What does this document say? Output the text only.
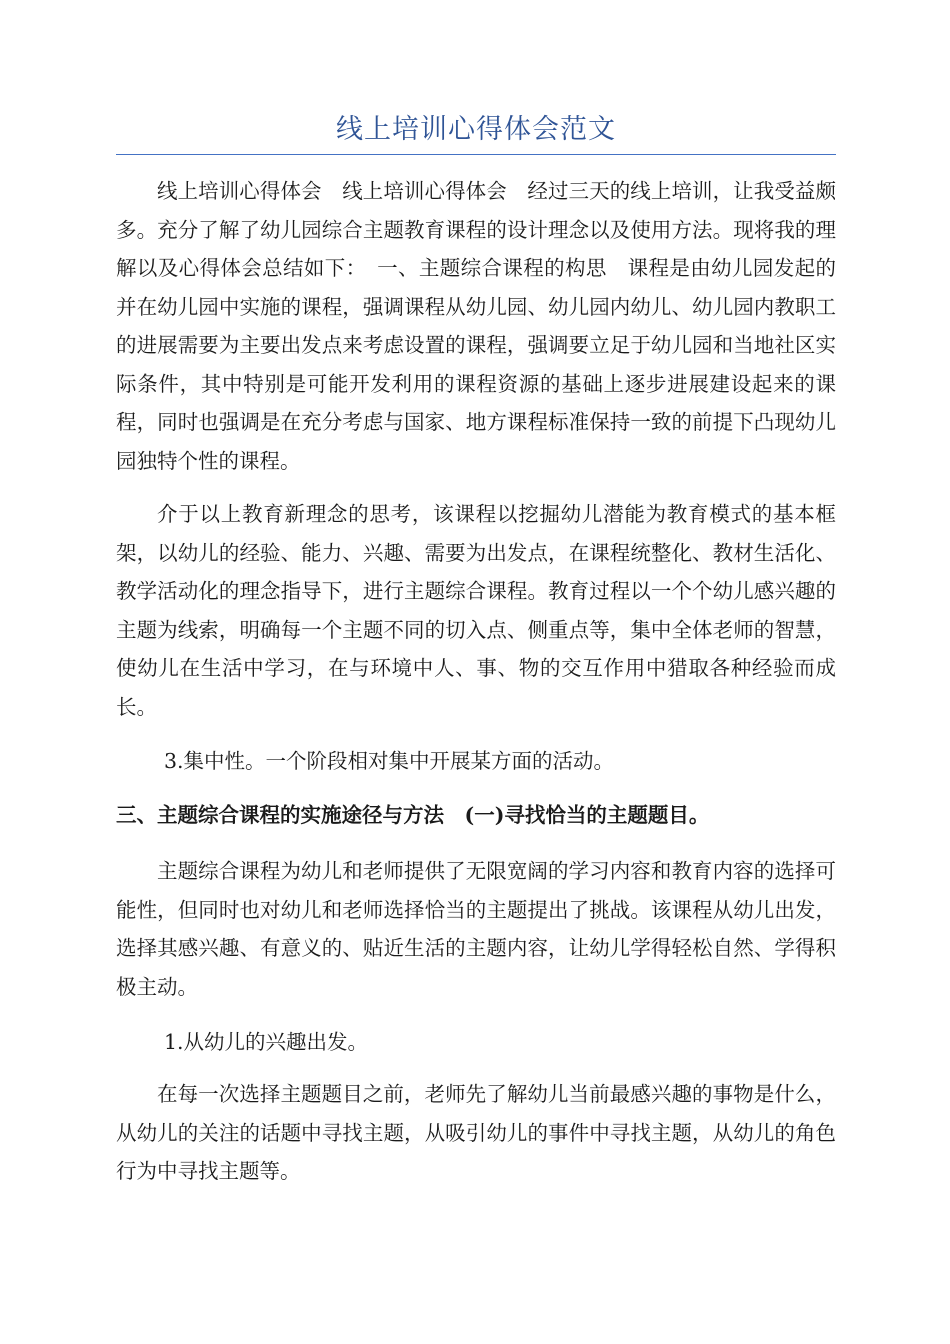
线上培训心得体会范文

线上培训心得体会　线上培训心得体会　经过三天的线上培训，让我受益颇多。充分了解了幼儿园综合主题教育课程的设计理念以及使用方法。现将我的理解以及心得体会总结如下：　一、主题综合课程的构思　课程是由幼儿园发起的并在幼儿园中实施的课程，强调课程从幼儿园、幼儿园内幼儿、幼儿园内教职工的进展需要为主要出发点来考虑设置的课程，强调要立足于幼儿园和当地社区实际条件，其中特别是可能开发利用的课程资源的基础上逐步进展建设起来的课程，同时也强调是在充分考虑与国家、地方课程标准保持一致的前提下凸现幼儿园独特个性的课程。

介于以上教育新理念的思考，该课程以挖掘幼儿潜能为教育模式的基本框架，以幼儿的经验、能力、兴趣、需要为出发点，在课程统整化、教材生活化、教学活动化的理念指导下，进行主题综合课程。教育过程以一个个幼儿感兴趣的主题为线索，明确每一个主题不同的切入点、侧重点等，集中全体老师的智慧，使幼儿在生活中学习，在与环境中人、事、物的交互作用中猎取各种经验而成长。

3.集中性。一个阶段相对集中开展某方面的活动。

三、主题综合课程的实施途径与方法　(一)寻找恰当的主题题目。

主题综合课程为幼儿和老师提供了无限宽阔的学习内容和教育内容的选择可能性，但同时也对幼儿和老师选择恰当的主题提出了挑战。该课程从幼儿出发，选择其感兴趣、有意义的、贴近生活的主题内容，让幼儿学得轻松自然、学得积极主动。

1.从幼儿的兴趣出发。

在每一次选择主题题目之前，老师先了解幼儿当前最感兴趣的事物是什么，从幼儿的关注的话题中寻找主题，从吸引幼儿的事件中寻找主题，从幼儿的角色行为中寻找主题等。
